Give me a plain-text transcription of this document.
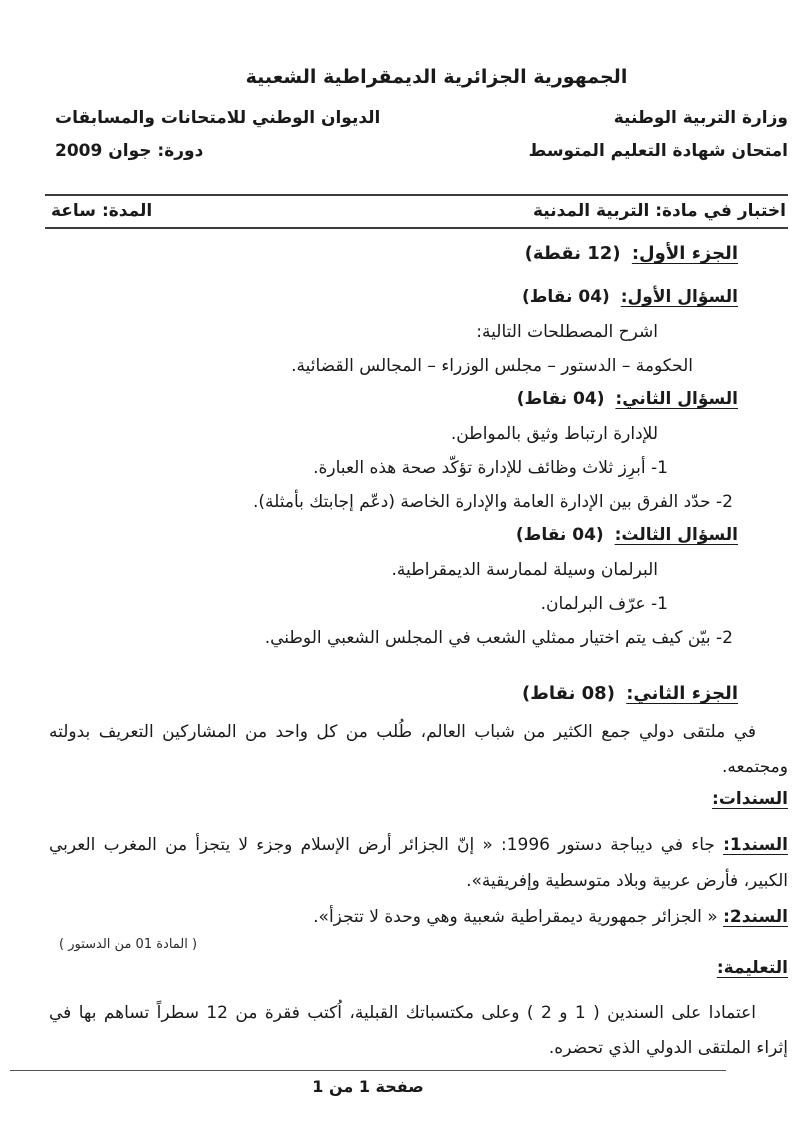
الجمهورية الجزائرية الديمقراطية الشعبية
وزارة التربية الوطنية
امتحان شهادة التعليم المتوسط
الديوان الوطني للامتحانات والمسابقات
دورة: جوان 2009
اختبار في مادة: التربية المدنية
المدة: ساعة
الجزء الأول: (12 نقطة)
السؤال الأول: (04 نقاط)
اشرح المصطلحات التالية:
الحكومة – الدستور – مجلس الوزراء – المجالس القضائية.
السؤال الثاني: (04 نقاط)
للإدارة ارتباط وثيق بالمواطن.
1- أبرِز ثلاث وظائف للإدارة تؤكّد صحة هذه العبارة.
2- حدّد الفرق بين الإدارة العامة والإدارة الخاصة (دعّم إجابتك بأمثلة).
السؤال الثالث: (04 نقاط)
البرلمان وسيلة لممارسة الديمقراطية.
1- عرّف البرلمان.
2- بيّن كيف يتم اختيار ممثلي الشعب في المجلس الشعبي الوطني.
الجزء الثاني: (08 نقاط)
في ملتقى دولي جمع الكثير من شباب العالم، طُلب من كل واحد من المشاركين التعريف بدولته ومجتمعه.
السندات:
السند1: جاء في ديباجة دستور 1996: « إنّ الجزائر أرض الإسلام وجزء لا يتجزأ من المغرب العربي الكبير، فأرض عربية وبلاد متوسطية وإفريقية».
السند2: « الجزائر جمهورية ديمقراطية شعبية وهي وحدة لا تتجزأ».
( المادة 01 من الدستور )
التعليمة:
اعتمادا على السندين ( 1 و 2 ) وعلى مكتسباتك القبلية، اُكتب فقرة من 12 سطراً تساهم بها في إثراء الملتقى الدولي الذي تحضره.
صفحة 1 من 1
